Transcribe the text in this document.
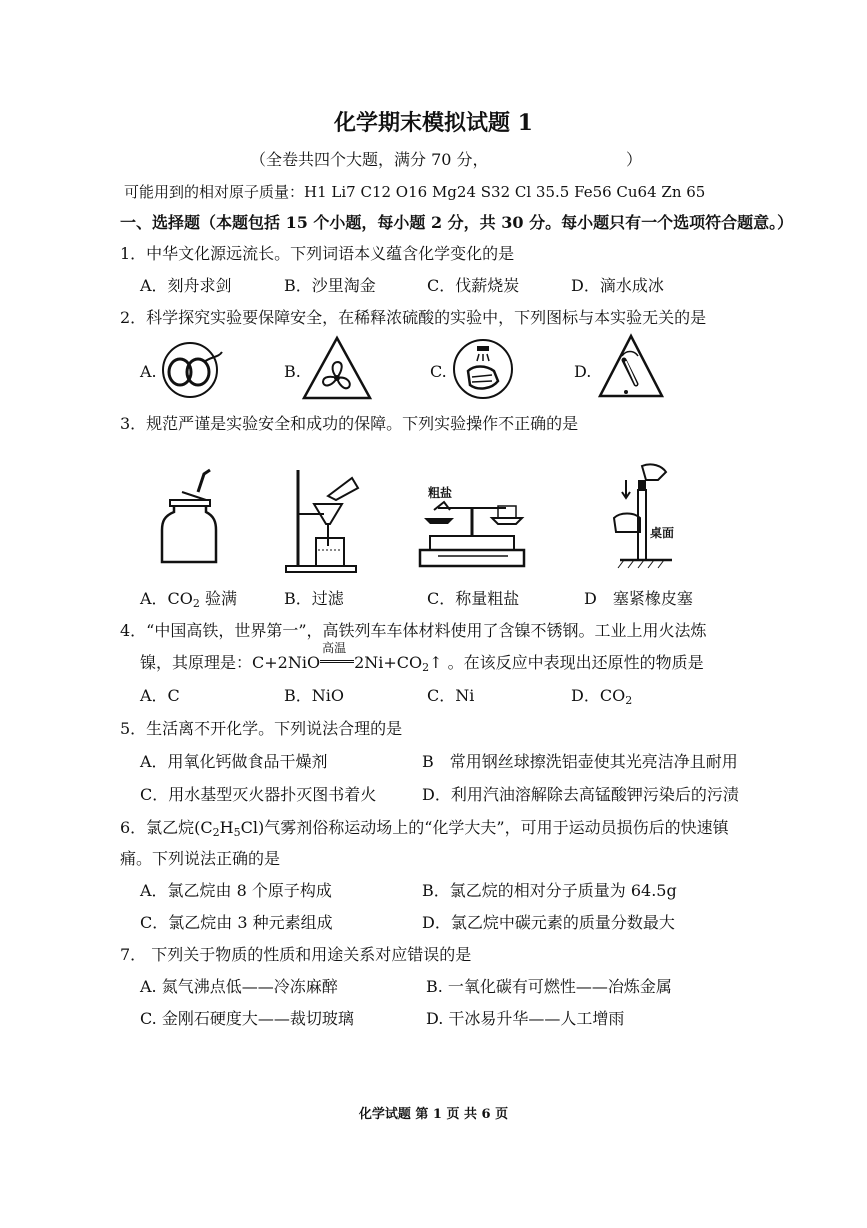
化学期末模拟试题 1
（全卷共四个大题，满分 70 分，	）
可能用到的相对原子质量：H1 Li7 C12 O16 Mg24 S32 Cl 35.5 Fe56 Cu64 Zn 65
一、选择题（本题包括 15 个小题，每小题 2 分，共 30 分。每小题只有一个选项符合题意。）
1．中华文化源远流长。下列词语本义蕴含化学变化的是
A．刻舟求剑	B．沙里淘金	C．伐薪烧炭	D．滴水成冰
2．科学探究实验要保障安全，在稀释浓硫酸的实验中，下列图标与本实验无关的是
A.	B.	C.	D.
3．规范严谨是实验安全和成功的保障。下列实验操作不正确的是
粗盐
桌面
A．$CO_2$ 验满	B．过滤	C．称量粗盐	D　塞紧橡皮塞
4．“中国高铁，世界第一”，高铁列车车体材料使用了含镍不锈钢。工业上用火法炼
镍，其原理是：C+2NiO
高温
$2Ni+CO_2↑$ 。在该反应中表现出还原性的物质是
A．C	B．NiO	C．Ni	D．$CO_2$
5．生活离不开化学。下列说法合理的是
A．用氧化钙做食品干燥剂	B　常用钢丝球擦洗铝壶使其光亮洁净且耐用
C．用水基型灭火器扑灭图书着火	D．利用汽油溶解除去高锰酸钾污染后的污渍
6．氯乙烷$(C_2H_5Cl)$气雾剂俗称运动场上的“化学大夫”，可用于运动员损伤后的快速镇
痛。下列说法正确的是
A．氯乙烷由 8 个原子构成	B．氯乙烷的相对分子质量为 64.5g
C．氯乙烷由 3 种元素组成	D．氯乙烷中碳元素的质量分数最大
7． 下列关于物质的性质和用途关系对应错误的是
A. 氮气沸点低——冷冻麻醉	B. 一氧化碳有可燃性——冶炼金属
C. 金刚石硬度大——裁切玻璃	D. 干冰易升华——人工增雨
化学试题 第 1 页 共 6 页
